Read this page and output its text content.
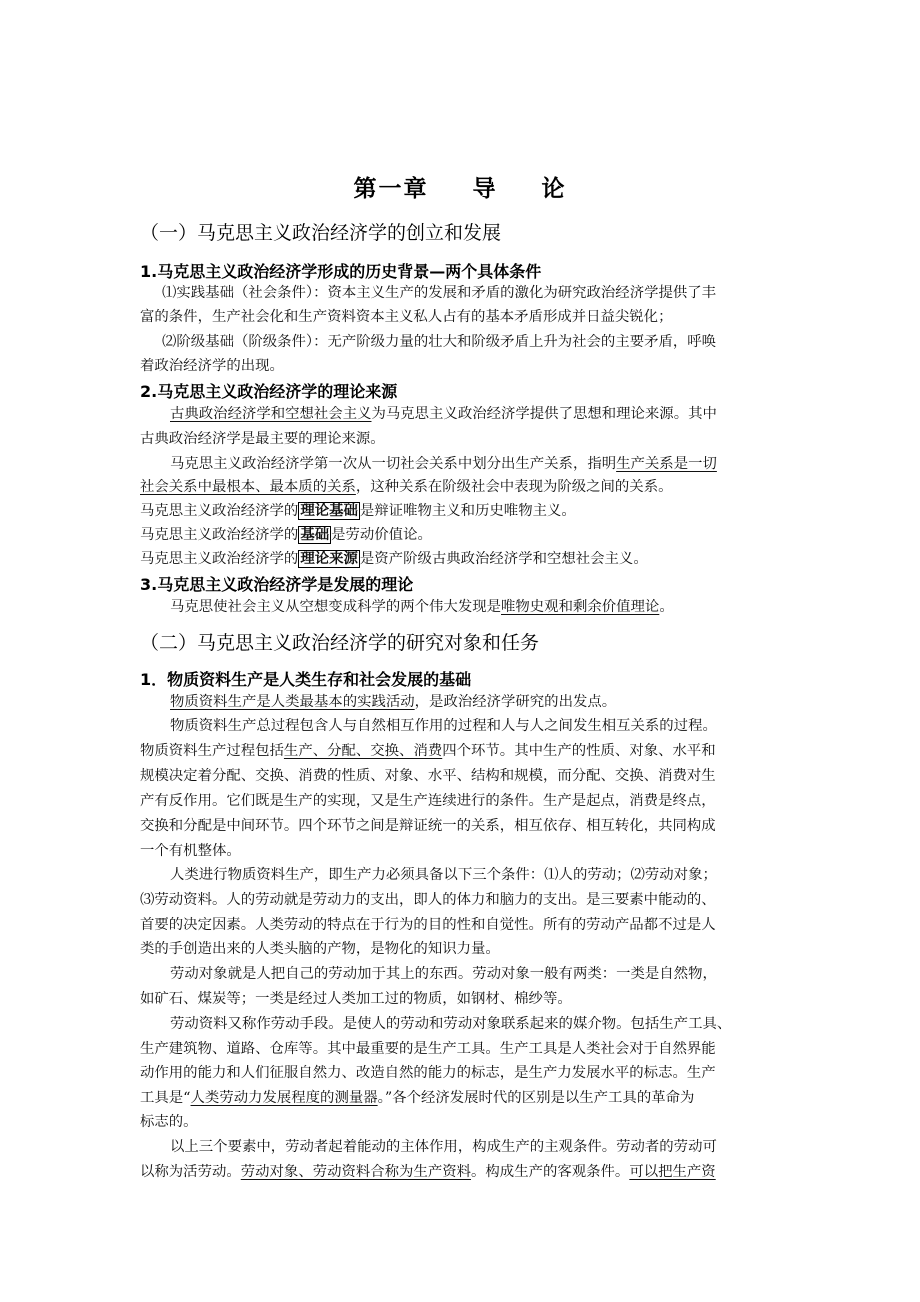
第一章 导 论
（一）马克思主义政治经济学的创立和发展
1.马克思主义政治经济学形成的历史背景—两个具体条件
⑴实践基础（社会条件）：资本主义生产的发展和矛盾的激化为研究政治经济学提供了丰
富的条件，生产社会化和生产资料资本主义私人占有的基本矛盾形成并日益尖锐化；
⑵阶级基础（阶级条件）：无产阶级力量的壮大和阶级矛盾上升为社会的主要矛盾，呼唤
着政治经济学的出现。
2.马克思主义政治经济学的理论来源
古典政治经济学和空想社会主义为马克思主义政治经济学提供了思想和理论来源。其中
古典政治经济学是最主要的理论来源。
马克思主义政治经济学第一次从一切社会关系中划分出生产关系，指明生产关系是一切
社会关系中最根本、最本质的关系，这种关系在阶级社会中表现为阶级之间的关系。
马克思主义政治经济学的 理论基础 是辩证唯物主义和历史唯物主义。
马克思主义政治经济学的 基础 是劳动价值论。
马克思主义政治经济学的 理论来源 是资产阶级古典政治经济学和空想社会主义。
3.马克思主义政治经济学是发展的理论
马克思使社会主义从空想变成科学的两个伟大发现是唯物史观和剩余价值理论。
（二）马克思主义政治经济学的研究对象和任务
1．物质资料生产是人类生存和社会发展的基础
物质资料生产是人类最基本的实践活动，是政治经济学研究的出发点。
物质资料生产总过程包含人与自然相互作用的过程和人与人之间发生相互关系的过程。
物质资料生产过程包括生产、分配、交换、消费四个环节。其中生产的性质、对象、水平和
规模决定着分配、交换、消费的性质、对象、水平、结构和规模，而分配、交换、消费对生
产有反作用。它们既是生产的实现，又是生产连续进行的条件。生产是起点，消费是终点，
交换和分配是中间环节。四个环节之间是辩证统一的关系，相互依存、相互转化，共同构成
一个有机整体。
人类进行物质资料生产，即生产力必须具备以下三个条件：⑴人的劳动；⑵劳动对象；
⑶劳动资料。人的劳动就是劳动力的支出，即人的体力和脑力的支出。是三要素中能动的、
首要的决定因素。人类劳动的特点在于行为的目的性和自觉性。所有的劳动产品都不过是人
类的手创造出来的人类头脑的产物，是物化的知识力量。
劳动对象就是人把自己的劳动加于其上的东西。劳动对象一般有两类：一类是自然物，
如矿石、煤炭等；一类是经过人类加工过的物质，如钢材、棉纱等。
劳动资料又称作劳动手段。是使人的劳动和劳动对象联系起来的媒介物。包括生产工具、
生产建筑物、道路、仓库等。其中最重要的是生产工具。生产工具是人类社会对于自然界能
动作用的能力和人们征服自然力、改造自然的能力的标志，是生产力发展水平的标志。生产
工具是“人类劳动力发展程度的测量器。”各个经济发展时代的区别是以生产工具的革命为
标志的。
以上三个要素中，劳动者起着能动的主体作用，构成生产的主观条件。劳动者的劳动可
以称为活劳动。劳动对象、劳动资料合称为生产资料。构成生产的客观条件。可以把生产资
